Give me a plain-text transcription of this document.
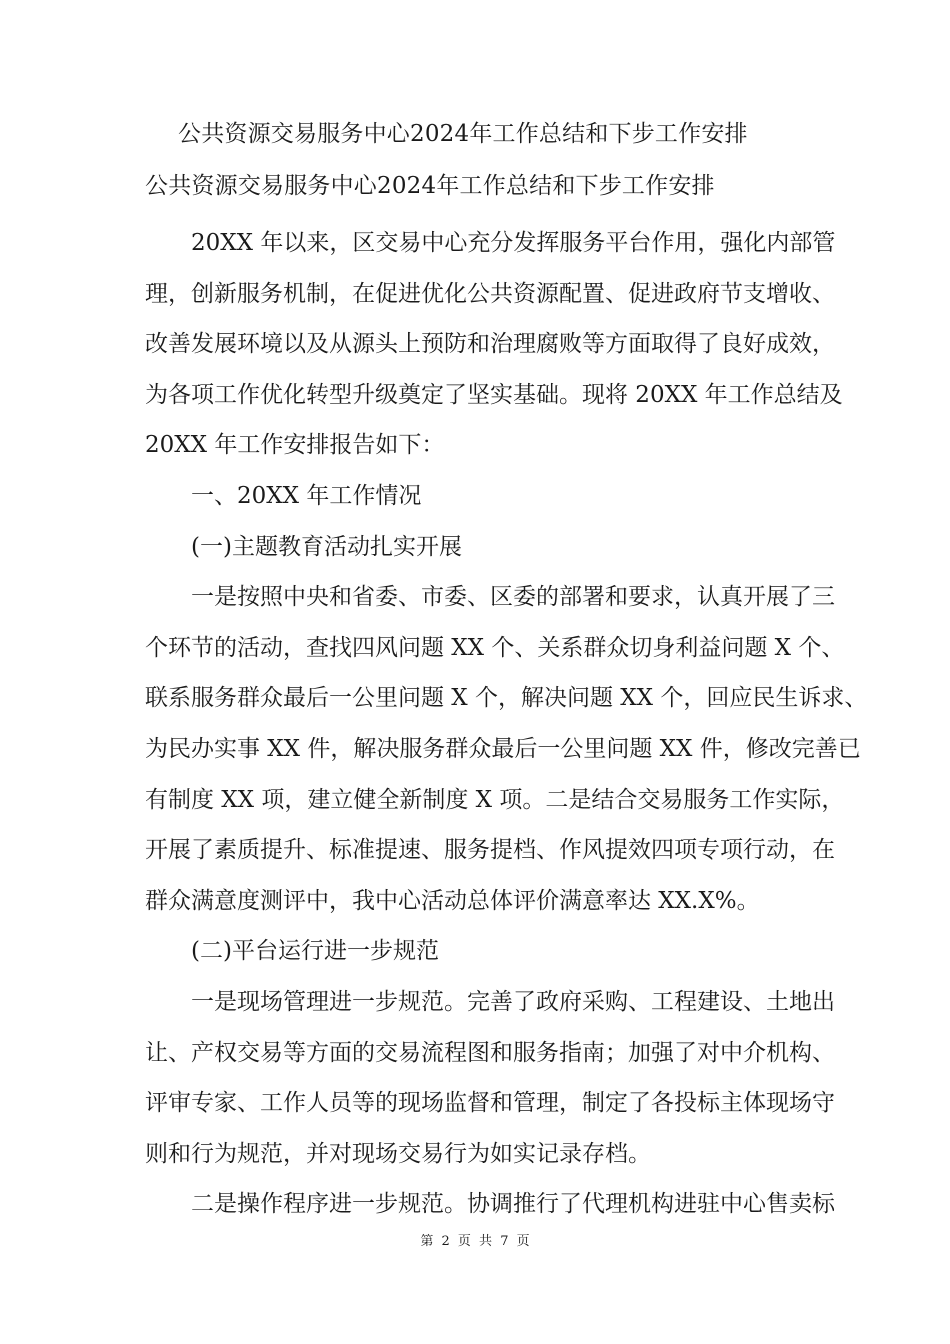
公共资源交易服务中心2024年工作总结和下步工作安排
公共资源交易服务中心2024年工作总结和下步工作安排
20XX 年以来，区交易中心充分发挥服务平台作用，强化内部管
理，创新服务机制，在促进优化公共资源配置、促进政府节支增收、
改善发展环境以及从源头上预防和治理腐败等方面取得了良好成效，
为各项工作优化转型升级奠定了坚实基础。现将 20XX 年工作总结及
20XX 年工作安排报告如下：
一、20XX 年工作情况
(一)主题教育活动扎实开展
一是按照中央和省委、市委、区委的部署和要求，认真开展了三
个环节的活动，查找四风问题 XX 个、关系群众切身利益问题 X 个、
联系服务群众最后一公里问题 X 个，解决问题 XX 个，回应民生诉求、
为民办实事 XX 件，解决服务群众最后一公里问题 XX 件，修改完善已
有制度 XX 项，建立健全新制度 X 项。二是结合交易服务工作实际，
开展了素质提升、标准提速、服务提档、作风提效四项专项行动，在
群众满意度测评中，我中心活动总体评价满意率达 XX.X%。
(二)平台运行进一步规范
一是现场管理进一步规范。完善了政府采购、工程建设、土地出
让、产权交易等方面的交易流程图和服务指南；加强了对中介机构、
评审专家、工作人员等的现场监督和管理，制定了各投标主体现场守
则和行为规范，并对现场交易行为如实记录存档。
二是操作程序进一步规范。协调推行了代理机构进驻中心售卖标
第 2 页 共 7 页
